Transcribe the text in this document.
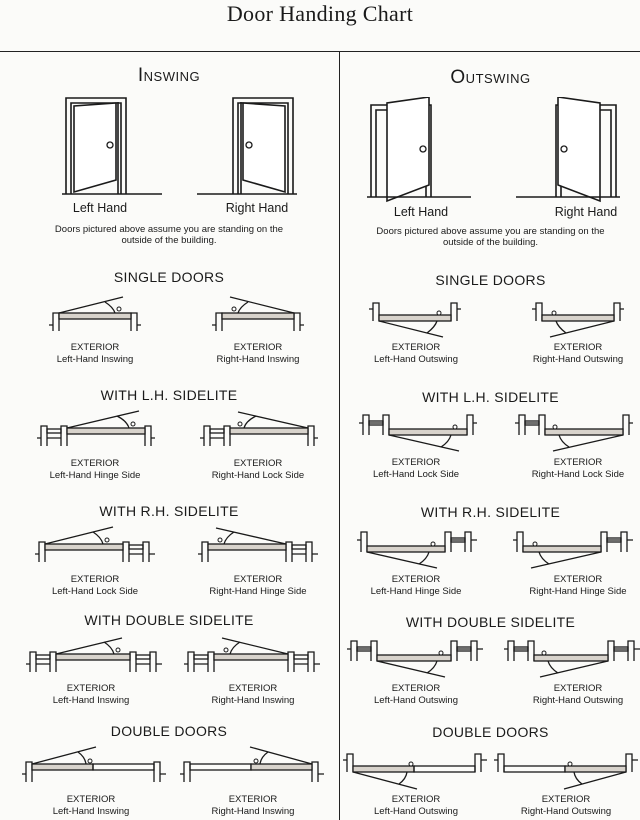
Door Handing Chart
Inswing
Left Hand	Right Hand
Doors pictured above assume you are standing on the
outside of the building.
SINGLE DOORS
EXTERIOR
Left-Hand Inswing
EXTERIOR
Right-Hand Inswing
WITH L.H. SIDELITE
EXTERIOR
Left-Hand Hinge Side
EXTERIOR
Right-Hand Lock Side
WITH R.H. SIDELITE
EXTERIOR
Left-Hand Lock Side
EXTERIOR
Right-Hand Hinge Side
WITH DOUBLE SIDELITE
EXTERIOR
Left-Hand Inswing
EXTERIOR
Right-Hand Inswing
DOUBLE DOORS
EXTERIOR
Left-Hand Inswing
EXTERIOR
Right-Hand Inswing
Outswing
Left Hand	Right Hand
Doors pictured above assume you are standing on the
outside of the building.
SINGLE DOORS
EXTERIOR
Left-Hand Outswing
EXTERIOR
Right-Hand Outswing
WITH L.H. SIDELITE
EXTERIOR
Left-Hand Lock Side
EXTERIOR
Right-Hand Lock Side
WITH R.H. SIDELITE
EXTERIOR
Left-Hand Hinge Side
EXTERIOR
Right-Hand Hinge Side
WITH DOUBLE SIDELITE
EXTERIOR
Left-Hand Outswing
EXTERIOR
Right-Hand Outswing
DOUBLE DOORS
EXTERIOR
Left-Hand Outswing
EXTERIOR
Right-Hand Outswing
